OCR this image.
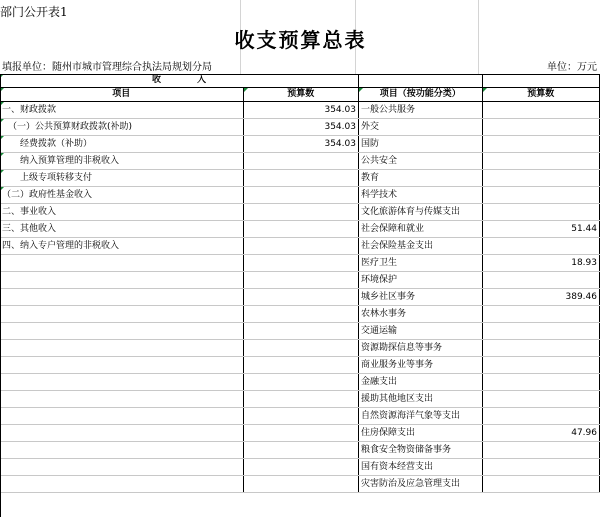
部门公开表1
收支预算总表
填报单位：随州市城市管理综合执法局规划分局	单位：万元
收　　　　入			
项目	预算数	项目（按功能分类）	预算数
一、财政拨款	354.03	一般公共服务	
（一）公共预算财政拨款(补助)	354.03	外交	
经费拨款（补助）	354.03	国防	
纳入预算管理的非税收入		公共安全	
上级专项转移支付		教育	
（二）政府性基金收入		科学技术	
二、事业收入		文化旅游体育与传媒支出	
三、其他收入		社会保障和就业	51.44
四、纳入专户管理的非税收入		社会保险基金支出	
		医疗卫生	18.93
		环境保护	
		城乡社区事务	389.46
		农林水事务	
		交通运输	
		资源勘探信息等事务	
		商业服务业等事务	
		金融支出	
		援助其他地区支出	
		自然资源海洋气象等支出	
		住房保障支出	47.96
		粮食安全物资储备事务	
		国有资本经营支出	
		灾害防治及应急管理支出	
